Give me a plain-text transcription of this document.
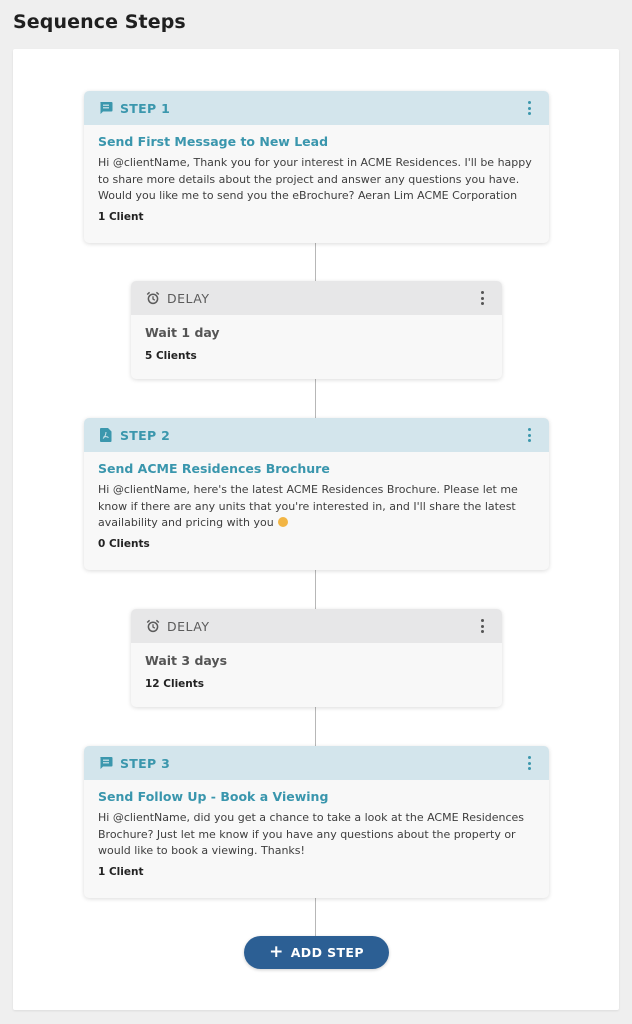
Sequence Steps
STEP 1
Send First Message to New Lead
Hi @clientName, Thank you for your interest in ACME Residences. I'll be happy to share more details about the project and answer any questions you have. Would you like me to send you the eBrochure? Aeran Lim ACME Corporation
1 Client
DELAY
Wait 1 day
5 Clients
STEP 2
Send ACME Residences Brochure
Hi @clientName, here's the latest ACME Residences Brochure. Please let me know if there are any units that you're interested in, and I'll share the latest availability and pricing with you
0 Clients
DELAY
Wait 3 days
12 Clients
STEP 3
Send Follow Up - Book a Viewing
Hi @clientName, did you get a chance to take a look at the ACME Residences Brochure? Just let me know if you have any questions about the property or would like to book a viewing. Thanks!
1 Client
+ ADD STEP
